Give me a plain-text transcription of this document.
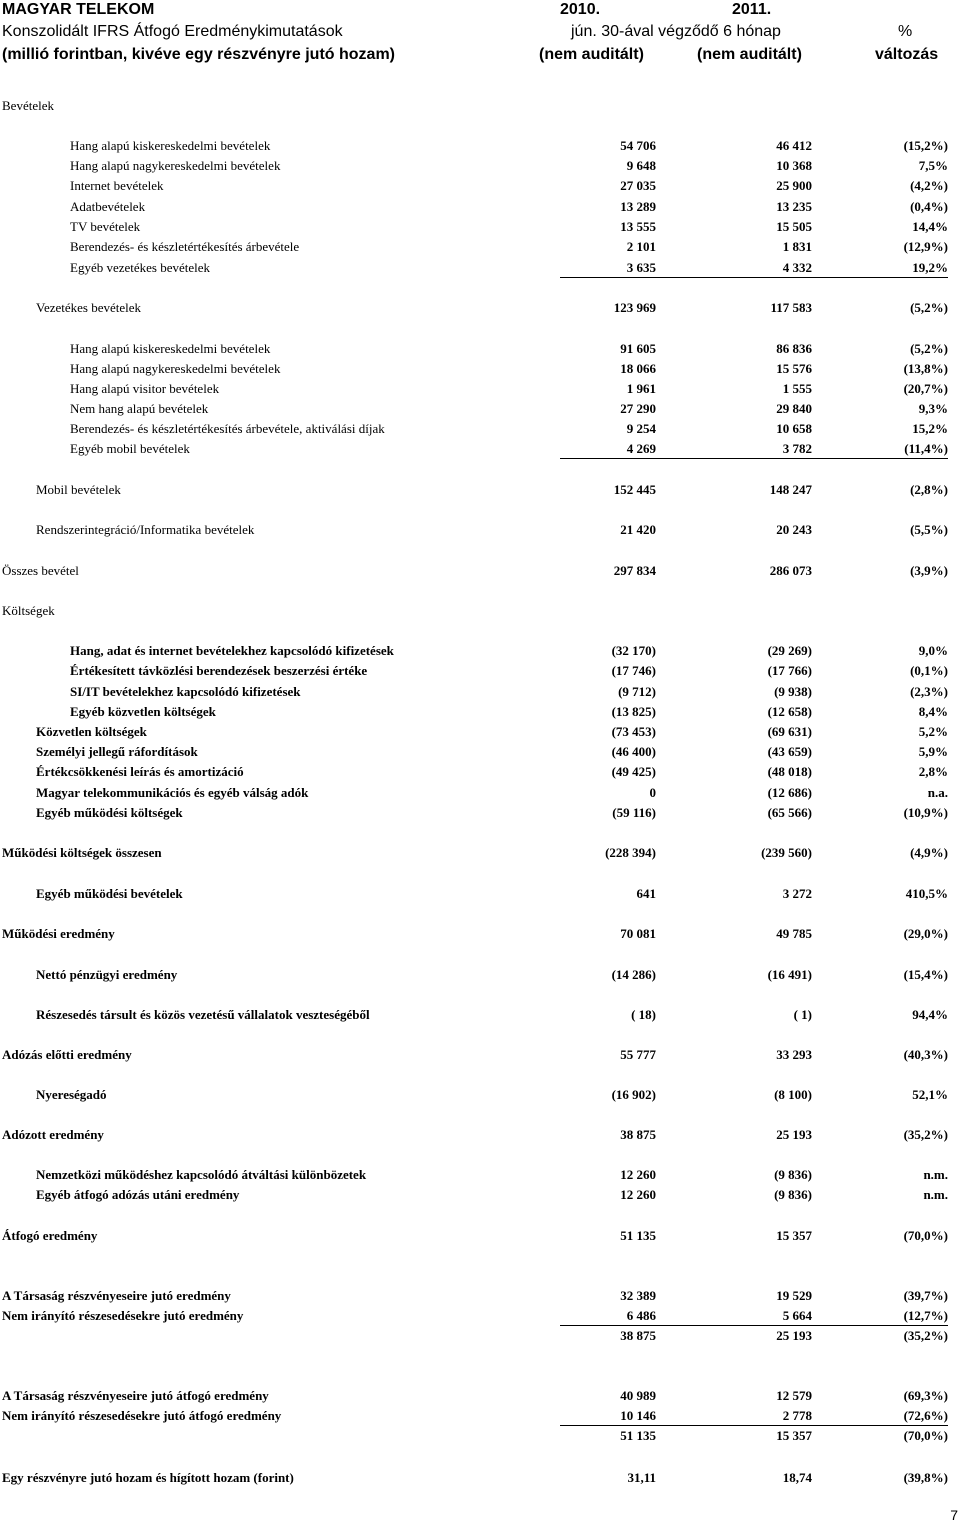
MAGYAR TELEKOM
Konszolidált IFRS Átfogó Eredménykimutatások
(millió forintban, kivéve egy részvényre jutó hozam)
2010.	2011.
jún. 30-ával végződő 6 hónap	%
(nem auditált)	(nem auditált)	változás
Bevételek
Hang alapú kiskereskedelmi bevételek	54 706	46 412	(15,2%)
Hang alapú nagykereskedelmi bevételek	9 648	10 368	7,5%
Internet bevételek	27 035	25 900	(4,2%)
Adatbevételek	13 289	13 235	(0,4%)
TV bevételek	13 555	15 505	14,4%
Berendezés- és készletértékesítés árbevétele	2 101	1 831	(12,9%)
Egyéb vezetékes bevételek	3 635	4 332	19,2%
Vezetékes bevételek	123 969	117 583	(5,2%)
Hang alapú kiskereskedelmi bevételek	91 605	86 836	(5,2%)
Hang alapú nagykereskedelmi bevételek	18 066	15 576	(13,8%)
Hang alapú visitor bevételek	1 961	1 555	(20,7%)
Nem hang alapú bevételek	27 290	29 840	9,3%
Berendezés- és készletértékesítés árbevétele, aktiválási díjak	9 254	10 658	15,2%
Egyéb mobil bevételek	4 269	3 782	(11,4%)
Mobil bevételek	152 445	148 247	(2,8%)
Rendszerintegráció/Informatika bevételek	21 420	20 243	(5,5%)
Összes bevétel	297 834	286 073	(3,9%)
Költségek
Hang, adat és internet bevételekhez kapcsolódó kifizetések	(32 170)	(29 269)	9,0%
Értékesített távközlési berendezések beszerzési értéke	(17 746)	(17 766)	(0,1%)
SI/IT bevételekhez kapcsolódó kifizetések	(9 712)	(9 938)	(2,3%)
Egyéb közvetlen költségek	(13 825)	(12 658)	8,4%
Közvetlen költségek	(73 453)	(69 631)	5,2%
Személyi jellegű ráfordítások	(46 400)	(43 659)	5,9%
Értékcsökkenési leírás és amortizáció	(49 425)	(48 018)	2,8%
Magyar telekommunikációs és egyéb válság adók	0	(12 686)	n.a.
Egyéb működési költségek	(59 116)	(65 566)	(10,9%)
Működési költségek összesen	(228 394)	(239 560)	(4,9%)
Egyéb működési bevételek	641	3 272	410,5%
Működési eredmény	70 081	49 785	(29,0%)
Nettó pénzügyi eredmény	(14 286)	(16 491)	(15,4%)
Részesedés társult és közös vezetésű vállalatok veszteségéből	( 18)	( 1)	94,4%
Adózás előtti eredmény	55 777	33 293	(40,3%)
Nyereségadó	(16 902)	(8 100)	52,1%
Adózott eredmény	38 875	25 193	(35,2%)
Nemzetközi működéshez kapcsolódó átváltási különbözetek	12 260	(9 836)	n.m.
Egyéb átfogó adózás utáni eredmény	12 260	(9 836)	n.m.
Átfogó eredmény	51 135	15 357	(70,0%)
A Társaság részvényeseire jutó eredmény	32 389	19 529	(39,7%)
Nem irányító részesedésekre jutó eredmény	6 486	5 664	(12,7%)
38 875	25 193	(35,2%)
A Társaság részvényeseire jutó átfogó eredmény	40 989	12 579	(69,3%)
Nem irányító részesedésekre jutó átfogó eredmény	10 146	2 778	(72,6%)
51 135	15 357	(70,0%)
Egy részvényre jutó hozam és hígított hozam (forint)	31,11	18,74	(39,8%)
7
